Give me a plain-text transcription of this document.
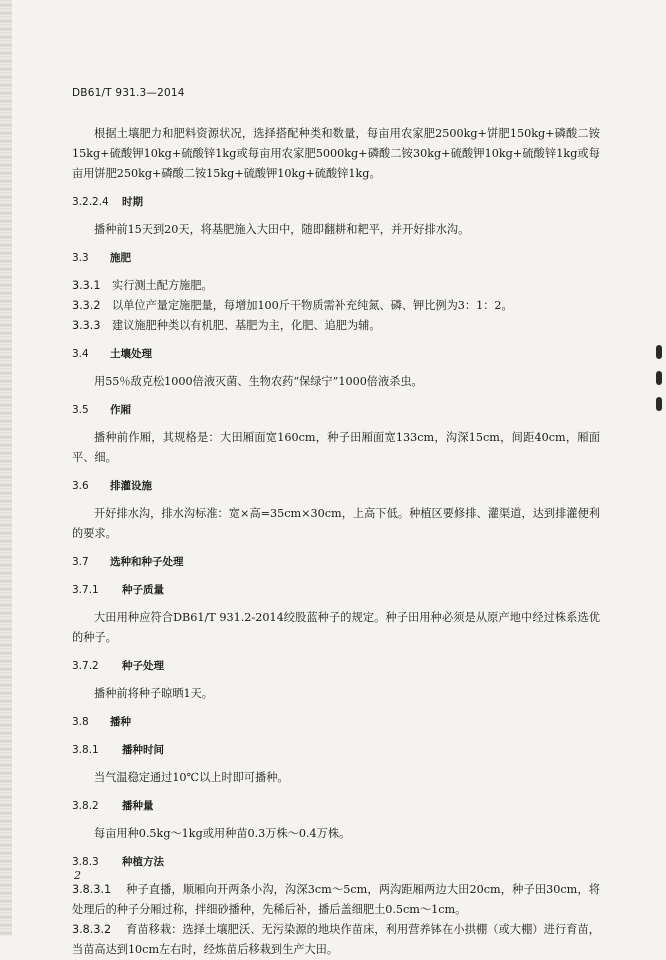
DB61/T 931.3—2014

根据土壤肥力和肥料资源状况，选择搭配种类和数量，每亩用农家肥2500kg+饼肥150kg+磷酸二铵15kg+硫酸钾10kg+硫酸锌1kg或每亩用农家肥5000kg+磷酸二铵30kg+硫酸钾10kg+硫酸锌1kg或每亩用饼肥250kg+磷酸二铵15kg+硫酸钾10kg+硫酸锌1kg。

3.2.2.4 时期

播种前15天到20天，将基肥施入大田中，随即翻耕和耙平，并开好排水沟。

3.3 施肥

3.3.1 实行测土配方施肥。

3.3.2 以单位产量定施肥量，每增加100斤干物质需补充纯氮、磷、钾比例为3：1：2。

3.3.3 建议施肥种类以有机肥、基肥为主，化肥、追肥为辅。

3.4 土壤处理

用55％敌克松1000倍液灭菌、生物农药“保绿宁”1000倍液杀虫。

3.5 作厢

播种前作厢，其规格是：大田厢面宽160cm，种子田厢面宽133cm，沟深15cm，间距40cm，厢面平、细。

3.6 排灌设施

开好排水沟，排水沟标准：宽×高=35cm×30cm，上高下低。种植区要修排、灌渠道，达到排灌便利的要求。

3.7 选种和种子处理

3.7.1 种子质量

大田用种应符合DB61/T 931.2-2014绞股蓝种子的规定。种子田用种必须是从原产地中经过株系选优的种子。

3.7.2 种子处理

播种前将种子晾晒1天。

3.8 播种

3.8.1 播种时间

当气温稳定通过10℃以上时即可播种。

3.8.2 播种量

每亩用种0.5kg～1kg或用种苗0.3万株～0.4万株。

3.8.3 种植方法

3.8.3.1 种子直播，顺厢向开两条小沟，沟深3cm～5cm，两沟距厢两边大田20cm，种子田30cm，将处理后的种子分厢过称，拌细砂播种，先稀后补，播后盖细肥土0.5cm～1cm。

3.8.3.2 育苗移栽：选择土壤肥沃、无污染源的地块作苗床，利用营养钵在小拱棚（或大棚）进行育苗，当苗高达到10cm左右时，经炼苗后移栽到生产大田。

2
